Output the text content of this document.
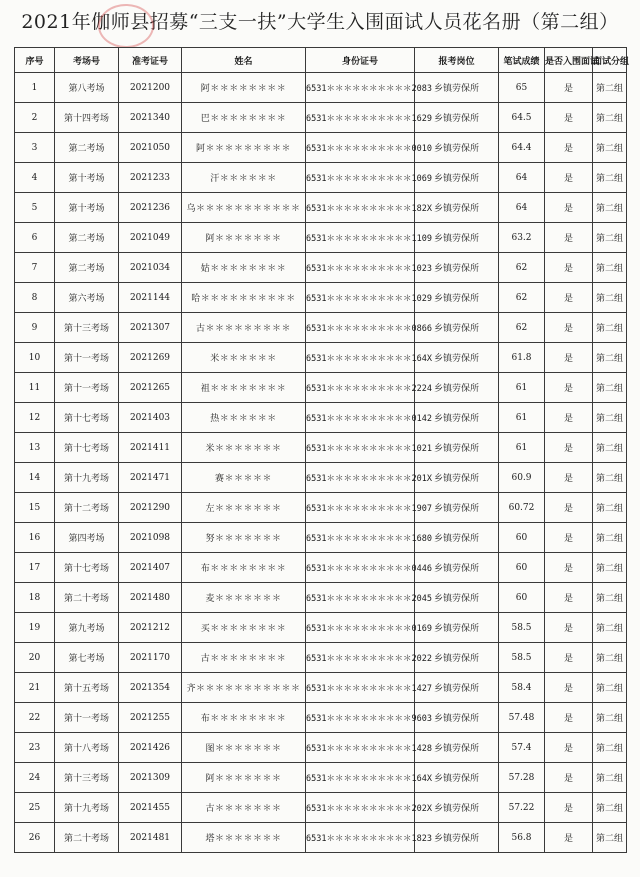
2021年伽师县招募“三支一扶”大学生入围面试人员花名册（第二组）
序号	考场号	准考证号	姓名	身份证号	报考岗位	笔试成绩	是否入围面试	面试分组
1	第八考场	2021200	阿＊＊＊＊＊＊＊＊	6531＊＊＊＊＊＊＊＊＊＊2083	乡镇劳保所	65	是	第二组
2	第十四考场	2021340	巴＊＊＊＊＊＊＊＊	6531＊＊＊＊＊＊＊＊＊＊1629	乡镇劳保所	64.5	是	第二组
3	第二考场	2021050	阿＊＊＊＊＊＊＊＊＊	6531＊＊＊＊＊＊＊＊＊＊0010	乡镇劳保所	64.4	是	第二组
4	第十考场	2021233	汗＊＊＊＊＊＊	6531＊＊＊＊＊＊＊＊＊＊1069	乡镇劳保所	64	是	第二组
5	第十考场	2021236	乌＊＊＊＊＊＊＊＊＊＊＊	6531＊＊＊＊＊＊＊＊＊＊182X	乡镇劳保所	64	是	第二组
6	第二考场	2021049	阿＊＊＊＊＊＊＊	6531＊＊＊＊＊＊＊＊＊＊1109	乡镇劳保所	63.2	是	第二组
7	第二考场	2021034	姑＊＊＊＊＊＊＊＊	6531＊＊＊＊＊＊＊＊＊＊1023	乡镇劳保所	62	是	第二组
8	第六考场	2021144	哈＊＊＊＊＊＊＊＊＊＊	6531＊＊＊＊＊＊＊＊＊＊1029	乡镇劳保所	62	是	第二组
9	第十三考场	2021307	古＊＊＊＊＊＊＊＊＊	6531＊＊＊＊＊＊＊＊＊＊0866	乡镇劳保所	62	是	第二组
10	第十一考场	2021269	米＊＊＊＊＊＊	6531＊＊＊＊＊＊＊＊＊＊164X	乡镇劳保所	61.8	是	第二组
11	第十一考场	2021265	祖＊＊＊＊＊＊＊＊	6531＊＊＊＊＊＊＊＊＊＊2224	乡镇劳保所	61	是	第二组
12	第十七考场	2021403	热＊＊＊＊＊＊	6531＊＊＊＊＊＊＊＊＊＊0142	乡镇劳保所	61	是	第二组
13	第十七考场	2021411	米＊＊＊＊＊＊＊	6531＊＊＊＊＊＊＊＊＊＊1021	乡镇劳保所	61	是	第二组
14	第十九考场	2021471	赛＊＊＊＊＊	6531＊＊＊＊＊＊＊＊＊＊201X	乡镇劳保所	60.9	是	第二组
15	第十二考场	2021290	左＊＊＊＊＊＊＊	6531＊＊＊＊＊＊＊＊＊＊1907	乡镇劳保所	60.72	是	第二组
16	第四考场	2021098	努＊＊＊＊＊＊＊	6531＊＊＊＊＊＊＊＊＊＊1680	乡镇劳保所	60	是	第二组
17	第十七考场	2021407	布＊＊＊＊＊＊＊＊	6531＊＊＊＊＊＊＊＊＊＊0446	乡镇劳保所	60	是	第二组
18	第二十考场	2021480	麦＊＊＊＊＊＊＊	6531＊＊＊＊＊＊＊＊＊＊2045	乡镇劳保所	60	是	第二组
19	第九考场	2021212	买＊＊＊＊＊＊＊＊	6531＊＊＊＊＊＊＊＊＊＊0169	乡镇劳保所	58.5	是	第二组
20	第七考场	2021170	古＊＊＊＊＊＊＊＊	6531＊＊＊＊＊＊＊＊＊＊2022	乡镇劳保所	58.5	是	第二组
21	第十五考场	2021354	齐＊＊＊＊＊＊＊＊＊＊＊	6531＊＊＊＊＊＊＊＊＊＊1427	乡镇劳保所	58.4	是	第二组
22	第十一考场	2021255	布＊＊＊＊＊＊＊＊	6531＊＊＊＊＊＊＊＊＊＊9603	乡镇劳保所	57.48	是	第二组
23	第十八考场	2021426	图＊＊＊＊＊＊＊	6531＊＊＊＊＊＊＊＊＊＊1428	乡镇劳保所	57.4	是	第二组
24	第十三考场	2021309	阿＊＊＊＊＊＊＊	6531＊＊＊＊＊＊＊＊＊＊164X	乡镇劳保所	57.28	是	第二组
25	第十九考场	2021455	古＊＊＊＊＊＊＊	6531＊＊＊＊＊＊＊＊＊＊202X	乡镇劳保所	57.22	是	第二组
26	第二十考场	2021481	塔＊＊＊＊＊＊＊	6531＊＊＊＊＊＊＊＊＊＊1823	乡镇劳保所	56.8	是	第二组
